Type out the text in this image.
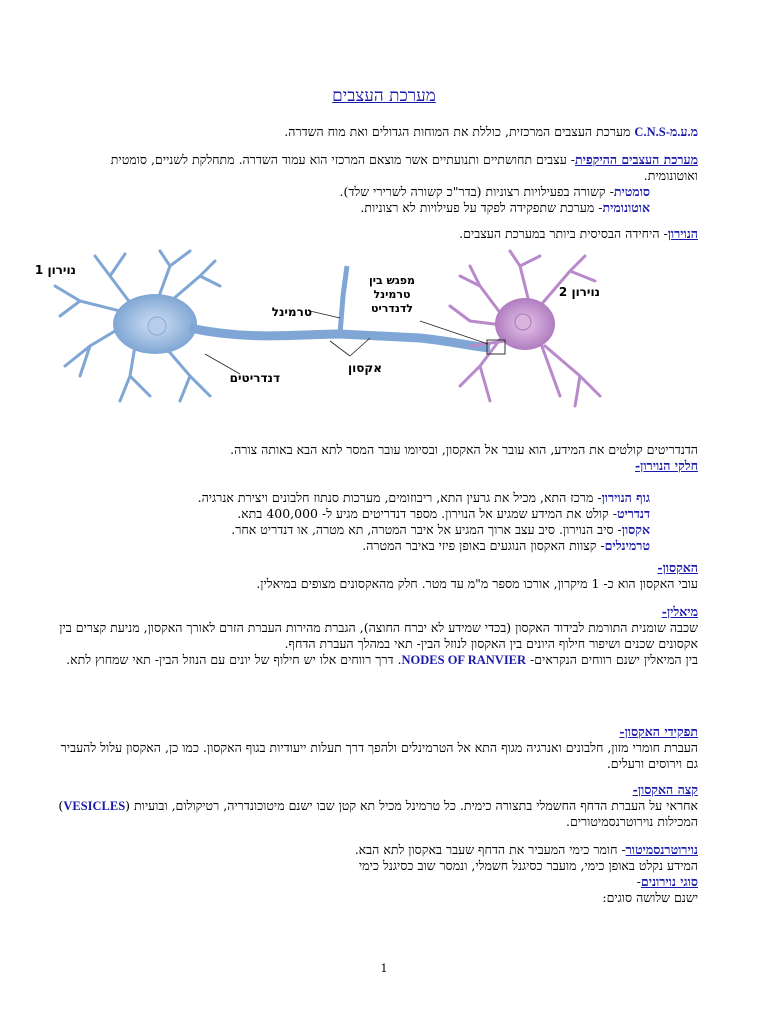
מערכת העצבים
מ.ע.מ-C.N.S מערכת העצבים המרכזית, כוללת את המוחות הגדולים ואת מוח השדרה.
מערכת העצבים ההיקפית- עצבים תחושתיים ותנועתיים אשר מוצאם המרכזי הוא עמוד השדרה. מתחלקת לשניים, סומטית ואוטונומית.
סומטית- קשורה בפעילויות רצוניות (בדר"כ קשורה לשרירי שלד).
אוטונומית- מערכת שתפקידה לפקד על פעילויות לא רצוניות.
הנוירון- היחידה הבסיסית ביותר במערכת העצבים.
נוירון 1
נוירון 2
טרמינל
אקסון
דנדריטים
מפגש בין
טרמינל
לדנדריט
הדנדריטים קולטים את המידע, הוא עובר אל האקסון, ובסיומו עובר המסר לתא הבא באותה צורה.
חלקי הנוירון-
גוף הנוירון- מרכז התא, מכיל את גרעין התא, ריבוזומים, מערכות סנתוז חלבונים ויצירת אנרגיה.
דנדריט- קולט את המידע שמגיע אל הנוירון. מספר דנדריטים מגיע ל- 400,000 בתא.
אקסון- סיב הנוירון. סיב עצב ארוך המגיע אל איבר המטרה, תא מטרה, או דנדריט אחר.
טרמינלים- קצוות האקסון הנוגעים באופן פיזי באיבר המטרה.
האקסון-
עובי האקסון הוא כ- 1 מיקרון, אורכו מספר מ"מ עד מטר. חלק מהאקסונים מצופים במיאלין.
מיאלין-
שכבה שומנית התורמת לבידוד האקסון (בכדי שמידע לא יברח החוצה), הגברת מהירות העברת הזרם לאורך האקסון, מניעת קצרים בין אקסונים שכנים ושיפור חילוף היונים בין האקסון לנוזל הבין- תאי במהלך העברת הדחף.
בין המיאלין ישנם רווחים הנקראים- NODES OF RANVIER. דרך רווחים אלו יש חילוף של יונים עם הנוזל הבין- תאי שמחוץ לתא.
תפקידי האקסון-
העברת חומרי מזון, חלבונים ואנרגיה מגוף התא אל הטרמינלים ולהפך דרך תעלות ייעודיות בגוף האקסון. כמו כן, האקסון עלול להעביר גם וירוסים ורעלים.
קצה האקסון-
אחראי על העברת הדחף החשמלי בתצורה כימית. כל טרמינל מכיל תא קטן שבו ישנם מיטוכונדריה, רטיקולום, ובועיות (VESICLES) המכילות נוירוטרנסמיטורים.
נוירוטרנסמיטור- חומר כימי המעביר את הדחף שעבר באקסון לתא הבא.
המידע נקלט באופן כימי, מועבר כסיגנל חשמלי, ונמסר שוב כסיגנל כימי
סוגי נוירונים-
ישנם שלושה סוגים:
1
